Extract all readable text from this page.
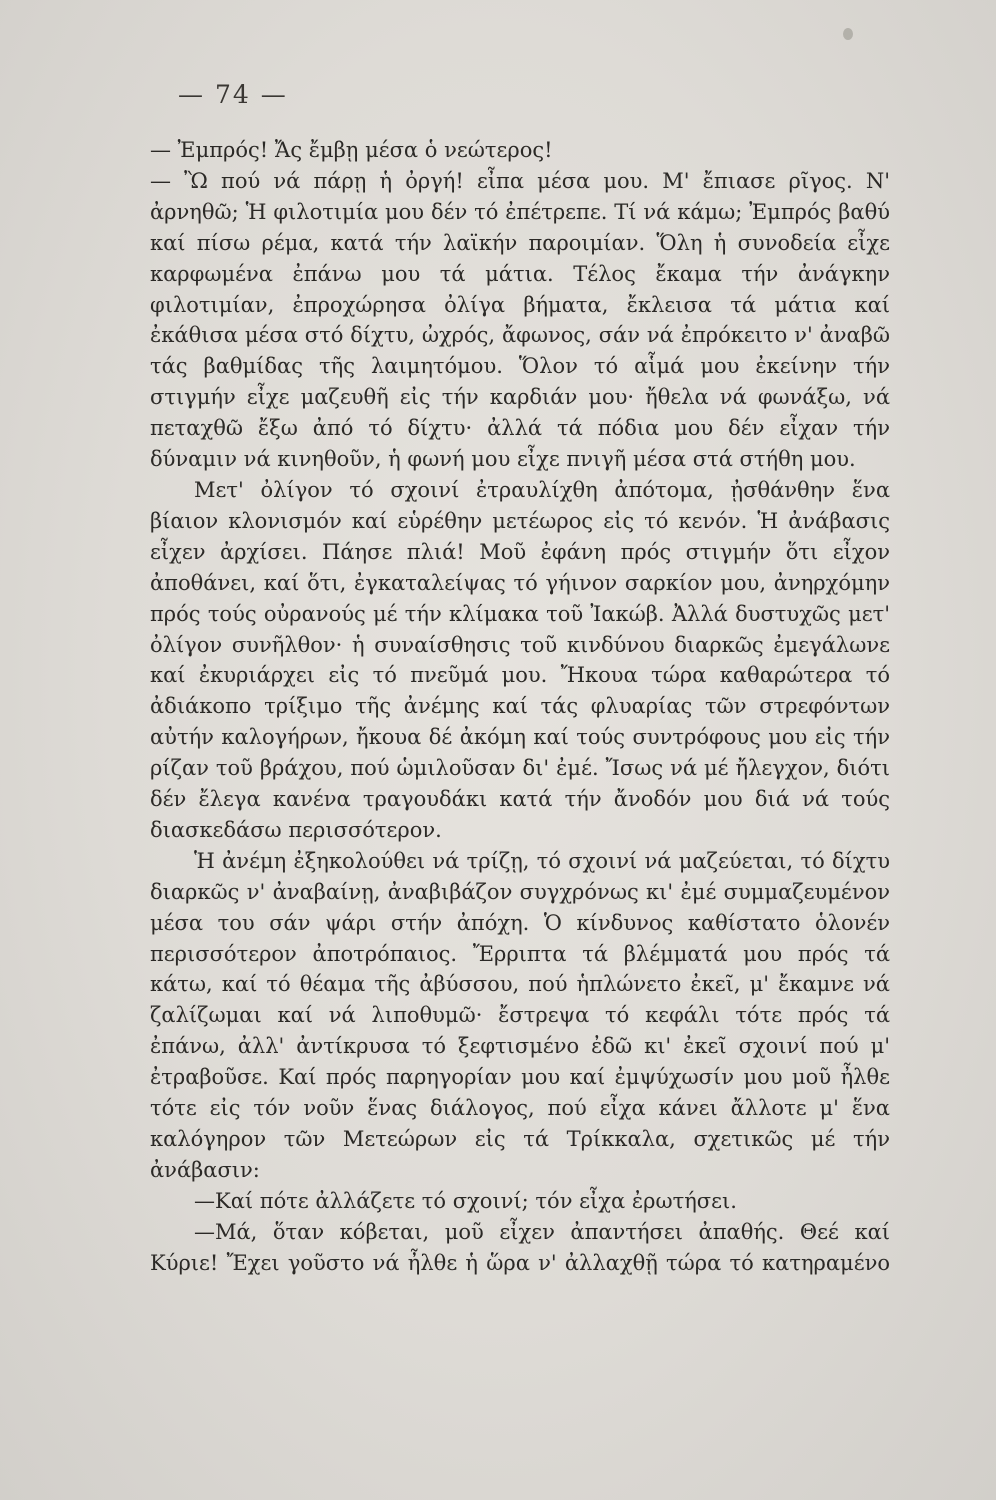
— 74 —

— Ἐμπρός! Ἄς ἔμβῃ μέσα ὁ νεώτερος!

— Ὢ πού νά πάρῃ ἡ ὀργή! εἶπα μέσα μου. Μ' ἔπιασε ρῖγος. Ν' ἀρνηθῶ; Ἡ φιλοτιμία μου δέν τό ἐπέτρεπε. Τί νά κάμω; Ἐμπρός βαθύ καί πίσω ρέμα, κατά τήν λαϊκήν παροιμίαν. Ὅλη ἡ συνοδεία εἶχε καρφωμένα ἐπάνω μου τά μάτια. Τέλος ἔκαμα τήν ἀνάγκην φιλοτιμίαν, ἐπροχώρησα ὀλίγα βήματα, ἔκλεισα τά μάτια καί ἐκάθισα μέσα στό δίχτυ, ὠχρός, ἄφωνος, σάν νά ἐπρόκειτο ν' ἀναβῶ τάς βαθμίδας τῆς λαιμητόμου. Ὅλον τό αἷμά μου ἐκείνην τήν στιγμήν εἶχε μαζευθῆ εἰς τήν καρδιάν μου· ἤθελα νά φωνάξω, νά πεταχθῶ ἔξω ἀπό τό δίχτυ· ἀλλά τά πόδια μου δέν εἶχαν τήν δύναμιν νά κινηθοῦν, ἡ φωνή μου εἶχε πνιγῆ μέσα στά στήθη μου.

Μετ' ὀλίγον τό σχοινί ἐτραυλίχθη ἀπότομα, ᾐσθάνθην ἕνα βίαιον κλονισμόν καί εὑρέθην μετέωρος εἰς τό κενόν. Ἡ ἀνάβασις εἶχεν ἀρχίσει. Πάησε πλιά! Μοῦ ἐφάνη πρός στιγμήν ὅτι εἶχον ἀποθάνει, καί ὅτι, ἐγκαταλείψας τό γήινον σαρκίον μου, ἀνηρχόμην πρός τούς οὐρανούς μέ τήν κλίμακα τοῦ Ἰακώβ. Ἀλλά δυστυχῶς μετ' ὀλίγον συνῆλθον· ἡ συναίσθησις τοῦ κινδύνου διαρκῶς ἐμεγάλωνε καί ἐκυριάρχει εἰς τό πνεῦμά μου. Ἤκουα τώρα καθαρώτερα τό ἀδιάκοπο τρίξιμο τῆς ἀνέμης καί τάς φλυαρίας τῶν στρεφόντων αὐτήν καλογήρων, ἤκουα δέ ἀκόμη καί τούς συντρόφους μου εἰς τήν ρίζαν τοῦ βράχου, πού ὡμιλοῦσαν δι' ἐμέ. Ἴσως νά μέ ἤλεγχον, διότι δέν ἔλεγα κανένα τραγουδάκι κατά τήν ἄνοδόν μου διά νά τούς διασκεδάσω περισσότερον.

Ἡ ἀνέμη ἐξηκολούθει νά τρίζῃ, τό σχοινί νά μαζεύεται, τό δίχτυ διαρκῶς ν' ἀναβαίνῃ, ἀναβιβάζον συγχρόνως κι' ἐμέ συμμαζευμένον μέσα του σάν ψάρι στήν ἀπόχη. Ὁ κίνδυνος καθίστατο ὁλονέν περισσότερον ἀποτρόπαιος. Ἔρριπτα τά βλέμματά μου πρός τά κάτω, καί τό θέαμα τῆς ἀβύσσου, πού ἡπλώνετο ἐκεῖ, μ' ἔκαμνε νά ζαλίζωμαι καί νά λιποθυμῶ· ἔστρεψα τό κεφάλι τότε πρός τά ἐπάνω, ἀλλ' ἀντίκρυσα τό ξεφτισμένο ἐδῶ κι' ἐκεῖ σχοινί πού μ' ἐτραβοῦσε. Καί πρός παρηγορίαν μου καί ἐμψύχωσίν μου μοῦ ἦλθε τότε εἰς τόν νοῦν ἕνας διάλογος, πού εἶχα κάνει ἄλλοτε μ' ἕνα καλόγηρον τῶν Μετεώρων εἰς τά Τρίκκαλα, σχετικῶς μέ τήν ἀνάβασιν:

—Καί πότε ἀλλάζετε τό σχοινί; τόν εἶχα ἐρωτήσει.

—Μά, ὅταν κόβεται, μοῦ εἶχεν ἀπαντήσει ἀπαθής. Θεέ καί Κύριε! Ἔχει γοῦστο νά ἦλθε ἡ ὥρα ν' ἀλλαχθῇ τώρα τό κατηραμένο
